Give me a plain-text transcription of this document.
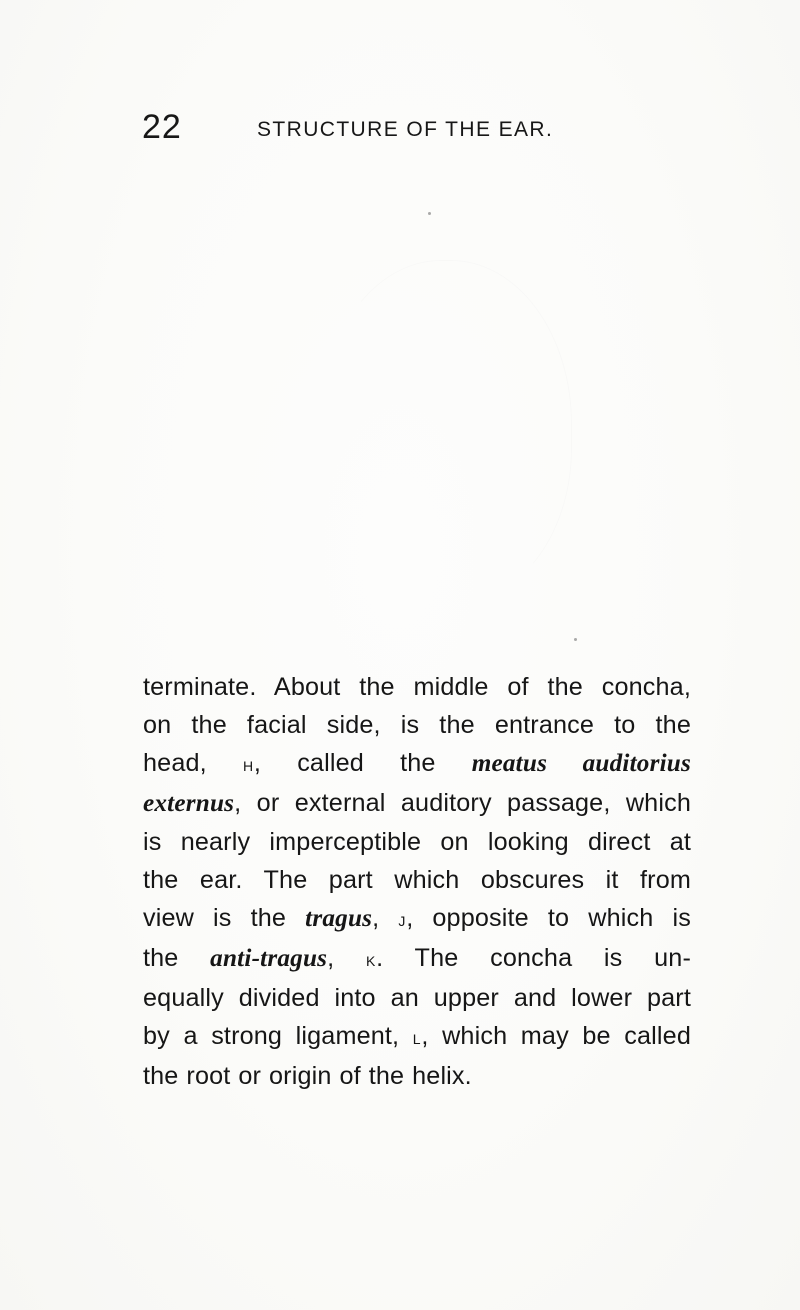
22	STRUCTURE OF THE EAR.
terminate. About the middle of the concha,
on the facial side, is the entrance to the
head, h, called the meatus auditorius
externus, or external auditory passage, which
is nearly imperceptible on looking direct at
the ear. The part which obscures it from
view is the tragus, j, opposite to which is
the anti-tragus, k. The concha is un-
equally divided into an upper and lower part
by a strong ligament, l, which may be called
the root or origin of the helix.
